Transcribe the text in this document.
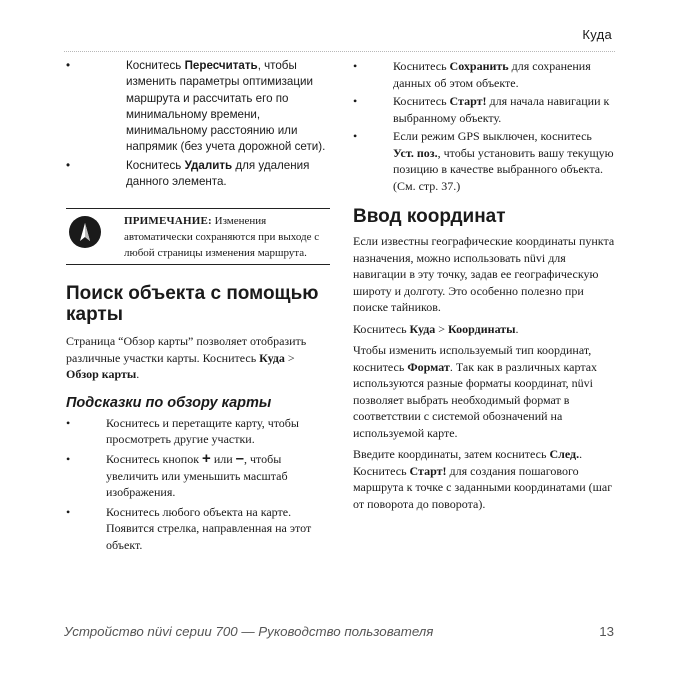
Куда
•	Коснитесь Пересчитать, чтобы изменить параметры оптимизации маршрута и рассчитать его по минимальному времени, минимальному расстоянию или напрямик (без учета дорожной сети).
•	Коснитесь Удалить для удаления данного элемента.
ПРИМЕЧАНИЕ: Изменения автоматически сохраняются при выходе с любой страницы изменения маршрута.
Поиск объекта с помощью карты

Страница “Обзор карты” позволяет отобразить различные участки карты. Коснитесь Куда > Обзор карты.

Подсказки по обзору карты
•	Коснитесь и перетащите карту, чтобы просмотреть другие участки.
•	Коснитесь кнопок + или –, чтобы увеличить или уменьшить масштаб изображения.
•	Коснитесь любого объекта на карте. Появится стрелка, направленная на этот объект.
•	Коснитесь Сохранить для сохранения данных об этом объекте.
•	Коснитесь Старт! для начала навигации к выбранному объекту.
•	Если режим GPS выключен, коснитесь Уст. поз., чтобы установить вашу текущую позицию в качестве выбранного объекта. (См. стр. 37.)
Ввод координат

Если известны географические координаты пункта назначения, можно использовать nüvi для навигации в эту точку, задав ее географическую широту и долготу. Это особенно полезно при поиске тайников.

Коснитесь Куда > Координаты.

Чтобы изменить используемый тип координат, коснитесь Формат. Так как в различных картах используются разные форматы координат, nüvi позволяет выбрать необходимый формат в соответствии с системой обозначений на используемой карте.

Введите координаты, затем коснитесь След.. Коснитесь Старт! для создания пошагового маршрута к точке с заданными координатами (шаг от поворота до поворота).

Устройство nüvi серии 700 — Руководство пользователя	13
